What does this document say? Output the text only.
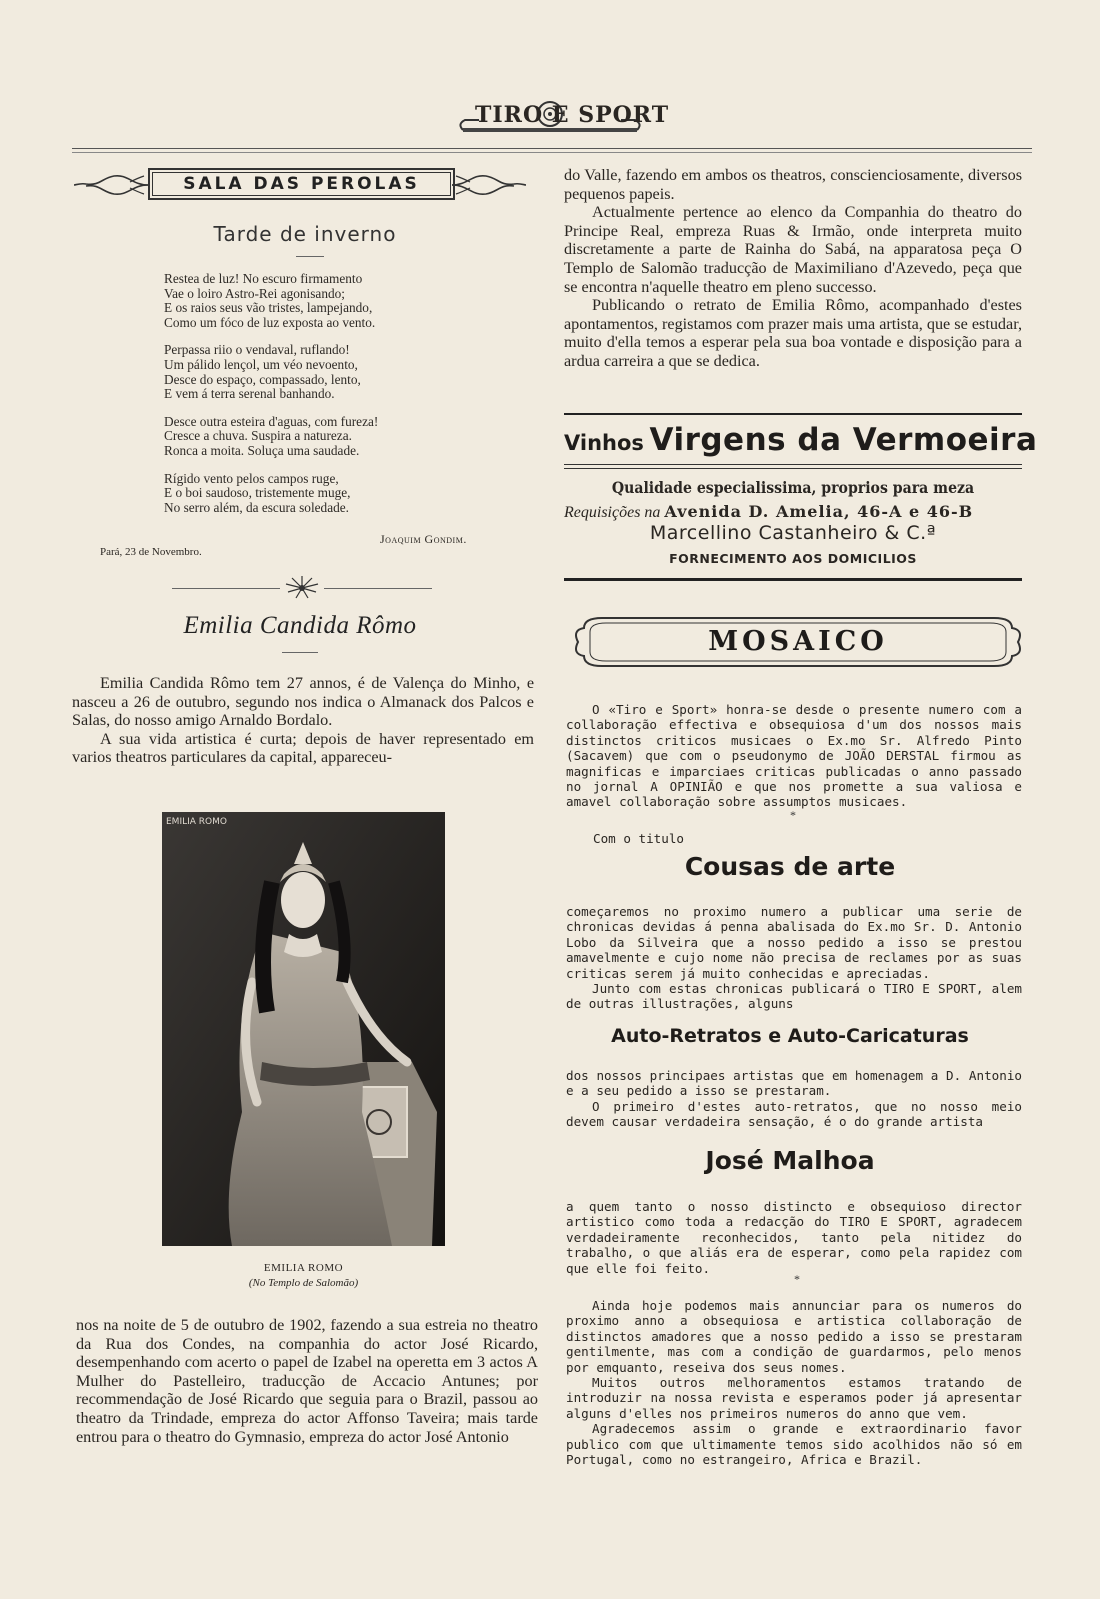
TIRO E SPORT
SALA DAS PEROLAS
Tarde de inverno
Restea de luz! No escuro firmamento
Vae o loiro Astro-Rei agonisando;
E os raios seus vão tristes, lampejando,
Como um fóco de luz exposta ao vento.
Perpassa riio o vendaval, ruflando!
Um pálido lençol, um véo nevoento,
Desce do espaço, compassado, lento,
E vem á terra serenal banhando.
Desce outra esteira d'aguas, com fureza!
Cresce a chuva. Suspira a natureza.
Ronca a moita. Soluça uma saudade.
Rígido vento pelos campos ruge,
E o boi saudoso, tristemente muge,
No serro além, da escura soledade.
Joaquim Gondim.
Pará, 23 de Novembro.
Emilia Candida Rômo

Emilia Candida Rômo tem 27 annos, é de Valença do Minho, e nasceu a 26 de outubro, segundo nos indica o Almanack dos Palcos e Salas, do nosso amigo Arnaldo Bordalo.

A sua vida artistica é curta; depois de haver representado em varios theatros particulares da capital, appareceu-

EMILIA ROMO
EMILIA ROMO
(No Templo de Salomão)

nos na noite de 5 de outubro de 1902, fazendo a sua estreia no theatro da Rua dos Condes, na companhia do actor José Ricardo, desempenhando com acerto o papel de Izabel na operetta em 3 actos A Mulher do Pastelleiro, traducção de Accacio Antunes; por recommendação de José Ricardo que seguia para o Brazil, passou ao theatro da Trindade, empreza do actor Affonso Taveira; mais tarde entrou para o theatro do Gymnasio, empreza do actor José Antonio

do Valle, fazendo em ambos os theatros, conscienciosamente, diversos pequenos papeis.

Actualmente pertence ao elenco da Companhia do theatro do Principe Real, empreza Ruas & Irmão, onde interpreta muito discretamente a parte de Rainha do Sabá, na apparatosa peça O Templo de Salomão traducção de Maximiliano d'Azevedo, peça que se encontra n'aquelle theatro em pleno successo.

Publicando o retrato de Emilia Rômo, acompanhado d'estes apontamentos, registamos com prazer mais uma artista, que se estudar, muito d'ella temos a esperar pela sua boa vontade e disposição para a ardua carreira a que se dedica.

Vinhos Virgens da Vermoeira
Qualidade especialissima, proprios para meza
Requisições na Avenida D. Amelia, 46-A e 46-B
Marcellino Castanheiro & C.ª
FORNECIMENTO AOS DOMICILIOS
MOSAICO

O «Tiro e Sport» honra-se desde o presente numero com a collaboração effectiva e obsequiosa d'um dos nossos mais distinctos criticos musicaes o Ex.mo Sr. Alfredo Pinto (Sacavem) que com o pseudonymo de JOÃO DERSTAL firmou as magnificas e imparciaes criticas publicadas o anno passado no jornal A OPINIÃO e que nos promette a sua valiosa e amavel collaboração sobre assumptos musicaes.

*
Com o titulo
Cousas de arte

começaremos no proximo numero a publicar uma serie de chronicas devidas á penna abalisada do Ex.mo Sr. D. Antonio Lobo da Silveira que a nosso pedido a isso se prestou amavelmente e cujo nome não precisa de reclames por as suas criticas serem já muito conhecidas e apreciadas.

Junto com estas chronicas publicará o TIRO E SPORT, alem de outras illustrações, alguns

Auto-Retratos e Auto-Caricaturas

dos nossos principaes artistas que em homenagem a D. Antonio e a seu pedido a isso se prestaram.

O primeiro d'estes auto-retratos, que no nosso meio devem causar verdadeira sensação, é o do grande artista

José Malhoa

a quem tanto o nosso distincto e obsequioso director artistico como toda a redacção do TIRO E SPORT, agradecem verdadeiramente reconhecidos, tanto pela nitidez do trabalho, o que aliás era de esperar, como pela rapidez com que elle foi feito.

*

Ainda hoje podemos mais annunciar para os numeros do proximo anno a obsequiosa e artistica collaboração de distinctos amadores que a nosso pedido a isso se prestaram gentilmente, mas com a condição de guardarmos, pelo menos por emquanto, reseiva dos seus nomes.

Muitos outros melhoramentos estamos tratando de introduzir na nossa revista e esperamos poder já apresentar alguns d'elles nos primeiros numeros do anno que vem.

Agradecemos assim o grande e extraordinario favor publico com que ultimamente temos sido acolhidos não só em Portugal, como no estrangeiro, Africa e Brazil.
